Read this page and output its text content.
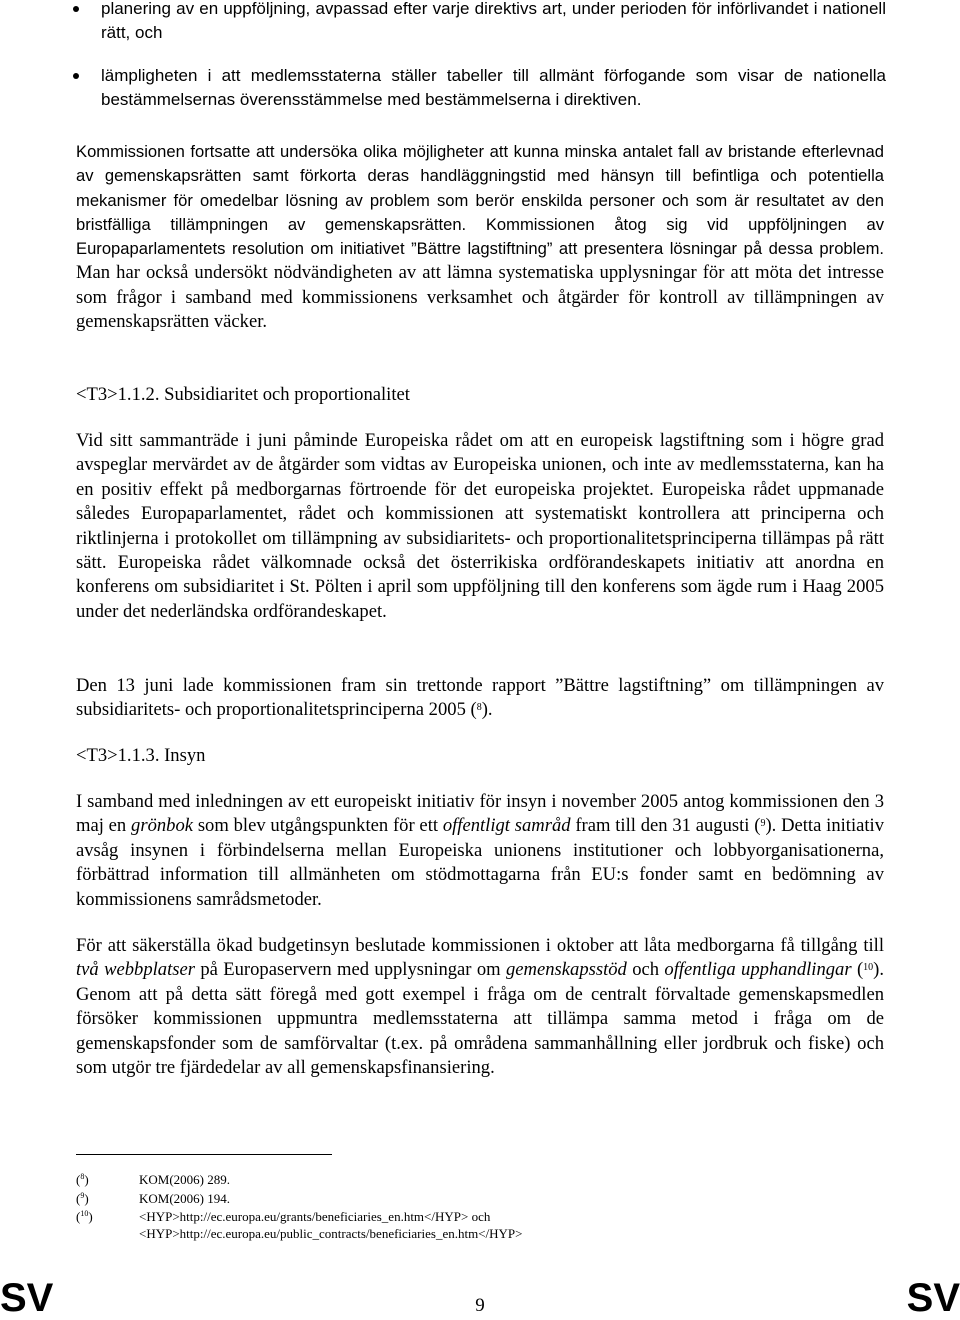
planering av en uppföljning, avpassad efter varje direktivs art, under perioden för införlivandet i nationell rätt, och
lämpligheten i att medlemsstaterna ställer tabeller till allmänt förfogande som visar de nationella bestämmelsernas överensstämmelse med bestämmelserna i direktiven.

Kommissionen fortsatte att undersöka olika möjligheter att kunna minska antalet fall av bristande efterlevnad av gemenskapsrätten samt förkorta deras handläggningstid med hänsyn till befintliga och potentiella mekanismer för omedelbar lösning av problem som berör enskilda personer och som är resultatet av den bristfälliga tillämpningen av gemenskapsrätten. Kommissionen åtog sig vid uppföljningen av Europaparlamentets resolution om initiativet ”Bättre lagstiftning” att presentera lösningar på dessa problem. Man har också undersökt nödvändigheten av att lämna systematiska upplysningar för att möta det intresse som frågor i samband med kommissionens verksamhet och åtgärder för kontroll av tillämpningen av gemenskapsrätten väcker.

<T3>1.1.2. Subsidiaritet och proportionalitet

Vid sitt sammanträde i juni påminde Europeiska rådet om att en europeisk lagstiftning som i högre grad avspeglar mervärdet av de åtgärder som vidtas av Europeiska unionen, och inte av medlemsstaterna, kan ha en positiv effekt på medborgarnas förtroende för det europeiska projektet. Europeiska rådet uppmanade således Europaparlamentet, rådet och kommissionen att systematiskt kontrollera att principerna och riktlinjerna i protokollet om tillämpning av subsidiaritets- och proportionalitetsprinciperna tillämpas på rätt sätt. Europeiska rådet välkomnade också det österrikiska ordförandeskapets initiativ att anordna en konferens om subsidiaritet i St. Pölten i april som uppföljning till den konferens som ägde rum i Haag 2005 under det nederländska ordförandeskapet.

Den 13 juni lade kommissionen fram sin trettonde rapport ”Bättre lagstiftning” om tillämpningen av subsidiaritets- och proportionalitetsprinciperna 2005 ($^8$).

<T3>1.1.3. Insyn

I samband med inledningen av ett europeiskt initiativ för insyn i november 2005 antog kommissionen den 3 maj en grönbok som blev utgångspunkten för ett offentligt samråd fram till den 31 augusti ($^9$). Detta initiativ avsåg insynen i förbindelserna mellan Europeiska unionens institutioner och lobbyorganisationerna, förbättrad information till allmänheten om stödmottagarna från EU:s fonder samt en bedömning av kommissionens samrådsmetoder.

För att säkerställa ökad budgetinsyn beslutade kommissionen i oktober att låta medborgarna få tillgång till två webbplatser på Europaservern med upplysningar om gemenskapsstöd och offentliga upphandlingar ($^{10}$). Genom att på detta sätt föregå med gott exempel i fråga om de centralt förvaltade gemenskapsmedlen försöker kommissionen uppmuntra medlemsstaterna att tillämpa samma metod i fråga om de gemenskapsfonder som de samförvaltar (t.ex. på områdena sammanhållning eller jordbruk och fiske) och som utgör tre fjärdedelar av all gemenskapsfinansiering.

($^8$)	KOM(2006) 289.
($^9$)	KOM(2006) 194.
($^{10}$)	<HYP>http://ec.europa.eu/grants/beneficiaries_en.htm</HYP> och
<HYP>http://ec.europa.eu/public_contracts/beneficiaries_en.htm</HYP>
SV	9	SV
